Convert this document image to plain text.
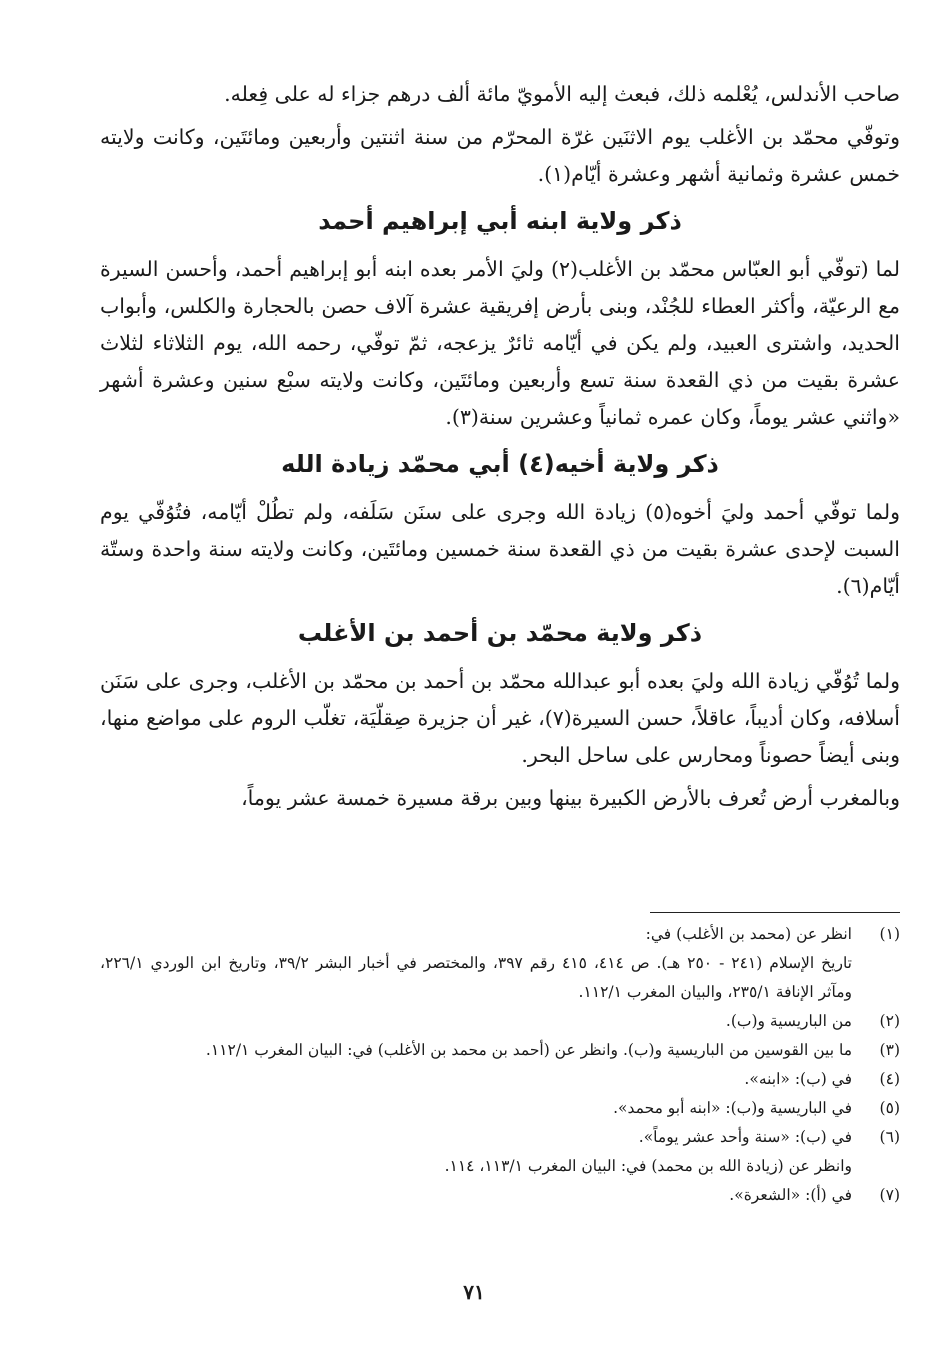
صاحب الأندلس، يُعْلمه ذلك، فبعث إليه الأمويّ مائة ألف درهم جزاء له على فِعله.

وتوفّي محمّد بن الأغلب يوم الاثنَين غرّة المحرّم من سنة اثنتين وأربعين ومائتَين، وكانت ولايته خمس عشرة وثمانية أشهر وعشرة أيّام(١).

ذكر ولاية ابنه أبي إبراهيم أحمد

لما (توفّي أبو العبّاس محمّد بن الأغلب(٢) وليَ الأمر بعده ابنه أبو إبراهيم أحمد، وأحسن السيرة مع الرعيّة، وأكثر العطاء للجُنْد، وبنى بأرض إفريقية عشرة آلاف حصن بالحجارة والكلس، وأبواب الحديد، واشترى العبيد، ولم يكن في أيّامه ثائرٌ يزعجه، ثمّ توفّي، رحمه الله، يوم الثلاثاء لثلاث عشرة بقيت من ذي القعدة سنة تسع وأربعين ومائتَين، وكانت ولايته سبْع سنين وعشرة أشهر «واثني عشر يوماً، وكان عمره ثمانياً وعشرين سنة(٣).

ذكر ولاية أخيه(٤) أبي محمّد زيادة الله

ولما توفّي أحمد وليَ أخوه(٥) زيادة الله وجرى على سنَن سَلَفه، ولم تطُلْ أيّامه، فتُوُفّي يوم السبت لإحدى عشرة بقيت من ذي القعدة سنة خمسين ومائتَين، وكانت ولايته سنة واحدة وستّة أيّام(٦).

ذكر ولاية محمّد بن أحمد بن الأغلب

ولما تُوُفّي زيادة الله وليَ بعده أبو عبدالله محمّد بن أحمد بن محمّد بن الأغلب، وجرى على سَنَن أسلافه، وكان أديباً، عاقلاً، حسن السيرة(٧)، غير أن جزيرة صِقلّيَة، تغلّب الروم على مواضع منها، وبنى أيضاً حصوناً ومحارس على ساحل البحر.

وبالمغرب أرض تُعرف بالأرض الكبيرة بينها وبين برقة مسيرة خمسة عشر يوماً،

(١)
انظر عن (محمد بن الأغلب) في:
تاريخ الإسلام (٢٤١ - ٢٥٠ هـ). ص ٤١٤، ٤١٥ رقم ٣٩٧، والمختصر في أخبار البشر ٣٩/٢، وتاريخ ابن الوردي ٢٢٦/١، ومآثر الإنافة ٢٣٥/١، والبيان المغرب ١١٢/١.
(٢)
من الباريسية و(ب).
(٣)
ما بين القوسين من الباريسية و(ب). وانظر عن (أحمد بن محمد بن الأغلب) في: البيان المغرب ١١٢/١.
(٤)
في (ب): «ابنه».
(٥)
في الباريسية و(ب): «ابنه أبو محمد».
(٦)
في (ب): «سنة وأحد عشر يوماً».
وانظر عن (زيادة الله بن محمد) في: البيان المغرب ١١٣/١، ١١٤.
(٧)
في (أ): «الشعرة».
٧١
